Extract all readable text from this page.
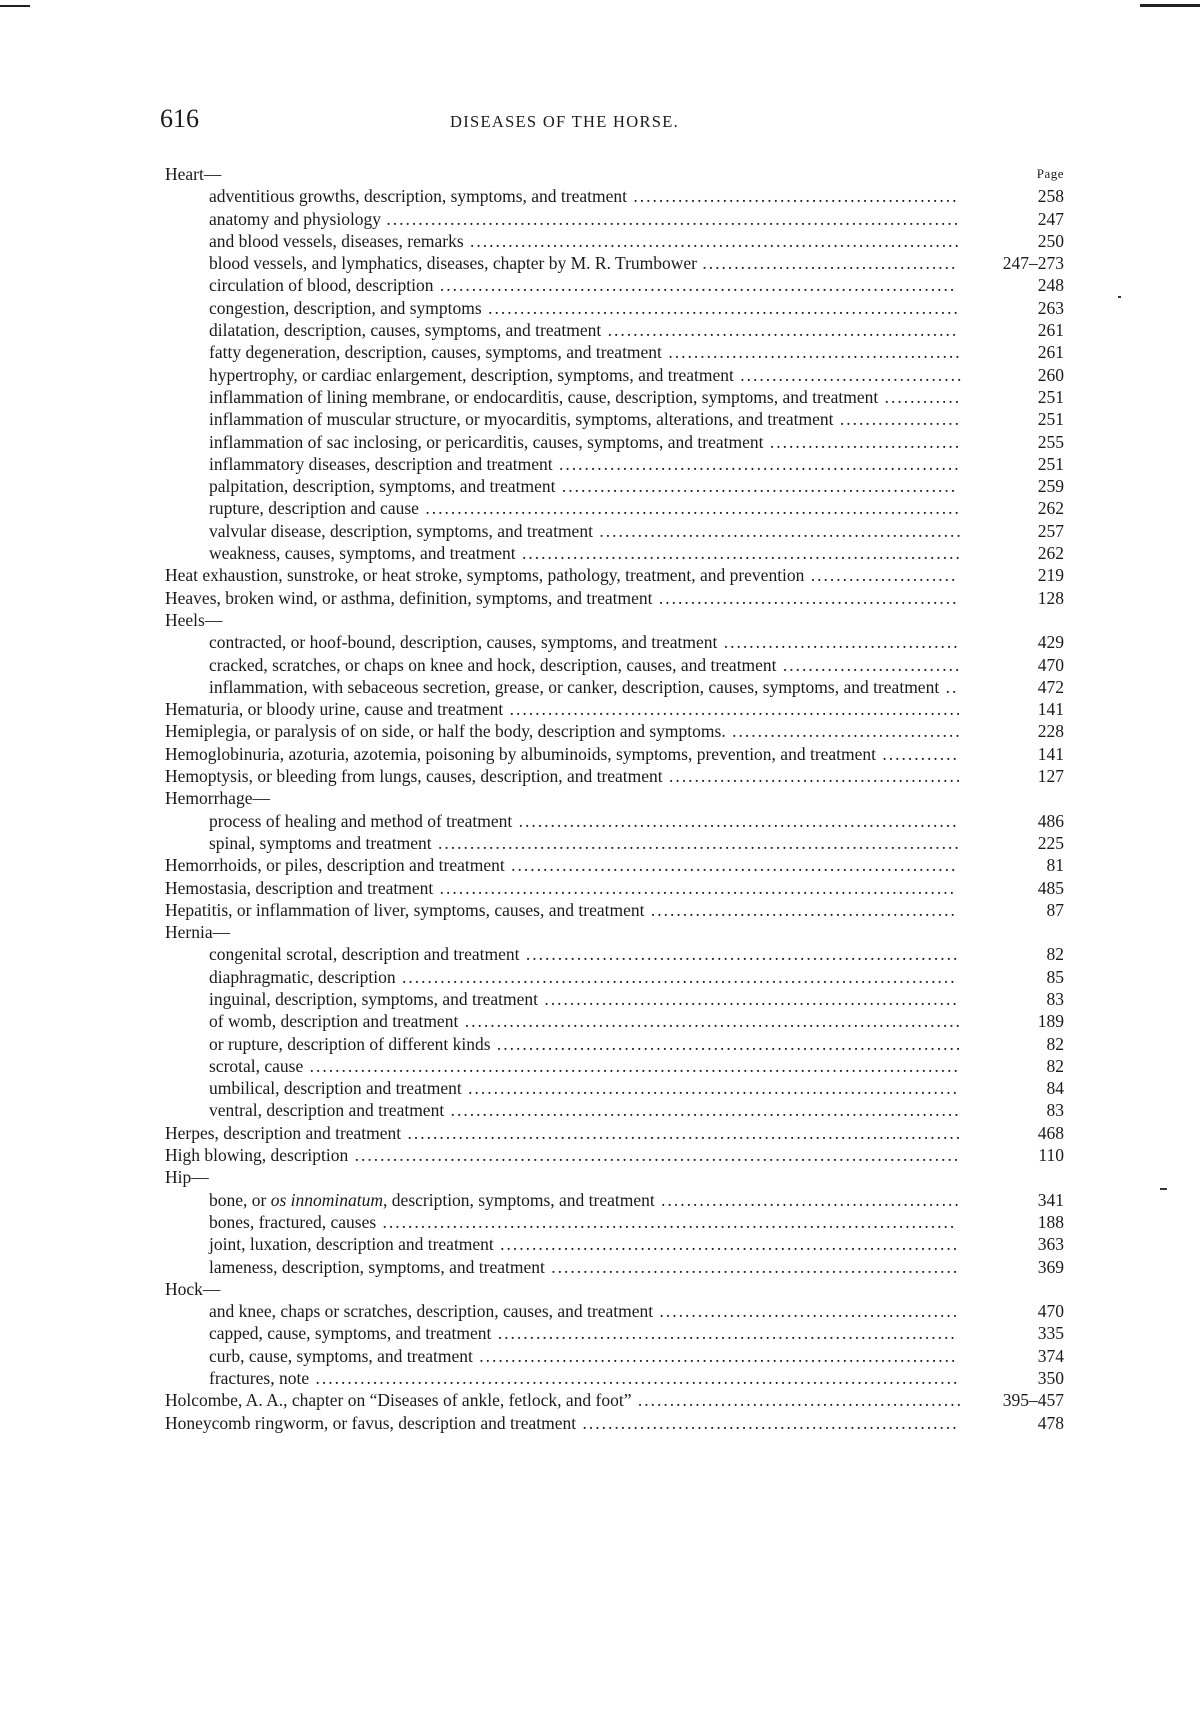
616	DISEASES OF THE HORSE.
Heart—	Page
adventitious growths, description, symptoms, and treatment ...................................................	258
anatomy and physiology ..........................................................................................	247
and blood vessels, diseases, remarks .............................................................................	250
blood vessels, and lymphatics, diseases, chapter by M. R. Trumbower ........................................	247–273
circulation of blood, description .................................................................................	248
congestion, description, and symptoms ..........................................................................	263
dilatation, description, causes, symptoms, and treatment .......................................................	261
fatty degeneration, description, causes, symptoms, and treatment ..............................................	261
hypertrophy, or cardiac enlargement, description, symptoms, and treatment ...................................	260
inflammation of lining membrane, or endocarditis, cause, description, symptoms, and treatment ............	251
inflammation of muscular structure, or myocarditis, symptoms, alterations, and treatment ...................	251
inflammation of sac inclosing, or pericarditis, causes, symptoms, and treatment ..............................	255
inflammatory diseases, description and treatment ...............................................................	251
palpitation, description, symptoms, and treatment ..............................................................	259
rupture, description and cause ....................................................................................	262
valvular disease, description, symptoms, and treatment .........................................................	257
weakness, causes, symptoms, and treatment .....................................................................	262
Heat exhaustion, sunstroke, or heat stroke, symptoms, pathology, treatment, and prevention .......................	219
Heaves, broken wind, or asthma, definition, symptoms, and treatment ...............................................	128
Heels—
contracted, or hoof-bound, description, causes, symptoms, and treatment .....................................	429
cracked, scratches, or chaps on knee and hock, description, causes, and treatment ............................	470
inflammation, with sebaceous secretion, grease, or canker, description, causes, symptoms, and treatment ..	472
Hematuria, or bloody urine, cause and treatment .......................................................................	141
Hemiplegia, or paralysis of on side, or half the body, description and symptoms. ....................................	228
Hemoglobinuria, azoturia, azotemia, poisoning by albuminoids, symptoms, prevention, and treatment ............	141
Hemoptysis, or bleeding from lungs, causes, description, and treatment ..............................................	127
Hemorrhage—
process of healing and method of treatment .....................................................................	486
spinal, symptoms and treatment ..................................................................................	225
Hemorrhoids, or piles, description and treatment ......................................................................	81
Hemostasia, description and treatment .................................................................................	485
Hepatitis, or inflammation of liver, symptoms, causes, and treatment ................................................	87
Hernia—
congenital scrotal, description and treatment ....................................................................	82
diaphragmatic, description .......................................................................................	85
inguinal, description, symptoms, and treatment .................................................................	83
of womb, description and treatment ..............................................................................	189
or rupture, description of different kinds .........................................................................	82
scrotal, cause ......................................................................................................	82
umbilical, description and treatment .............................................................................	84
ventral, description and treatment ................................................................................	83
Herpes, description and treatment .......................................................................................	468
High blowing, description ...............................................................................................	110
Hip—
bone, or os innominatum, description, symptoms, and treatment ...............................................	341
bones, fractured, causes ..........................................................................................	188
joint, luxation, description and treatment ........................................................................	363
lameness, description, symptoms, and treatment ................................................................	369
Hock—
and knee, chaps or scratches, description, causes, and treatment ...............................................	470
capped, cause, symptoms, and treatment ........................................................................	335
curb, cause, symptoms, and treatment ...........................................................................	374
fractures, note .....................................................................................................	350
Holcombe, A. A., chapter on “Diseases of ankle, fetlock, and foot” ...................................................	395–457
Honeycomb ringworm, or favus, description and treatment ...........................................................	478
